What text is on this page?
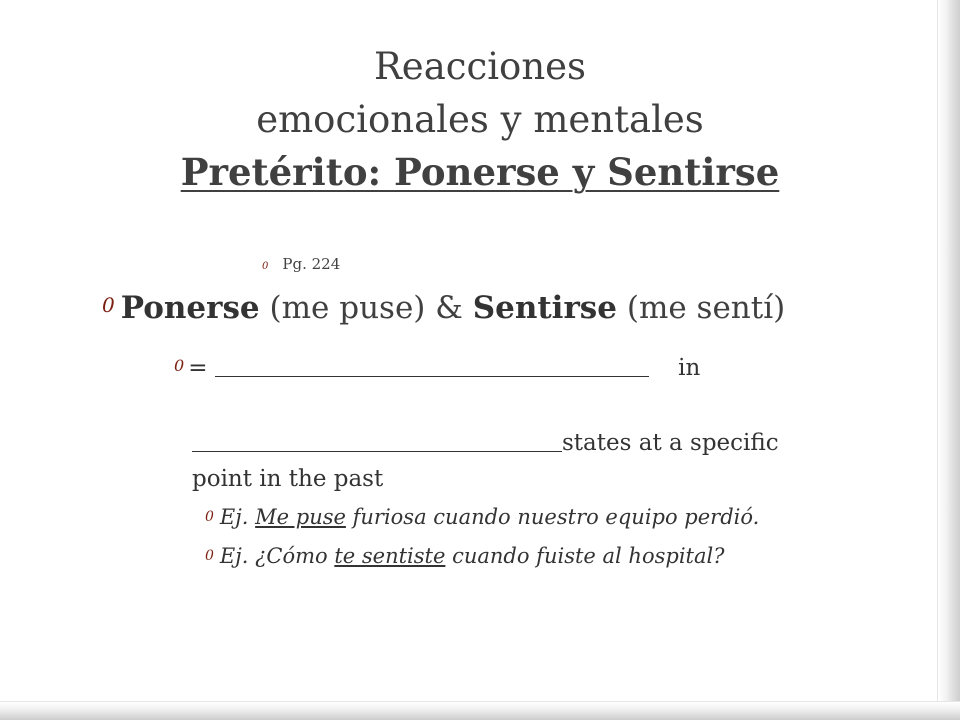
Reacciones
emocionales y mentales
Pretérito: Ponerse y Sentirse
0 Pg. 224
0 Ponerse (me puse) & Sentirse (me sentí)
0 =	in
states at a specific
point in the past
0 Ej. Me puse furiosa cuando nuestro equipo perdió.
0 Ej. ¿Cómo te sentiste cuando fuiste al hospital?
